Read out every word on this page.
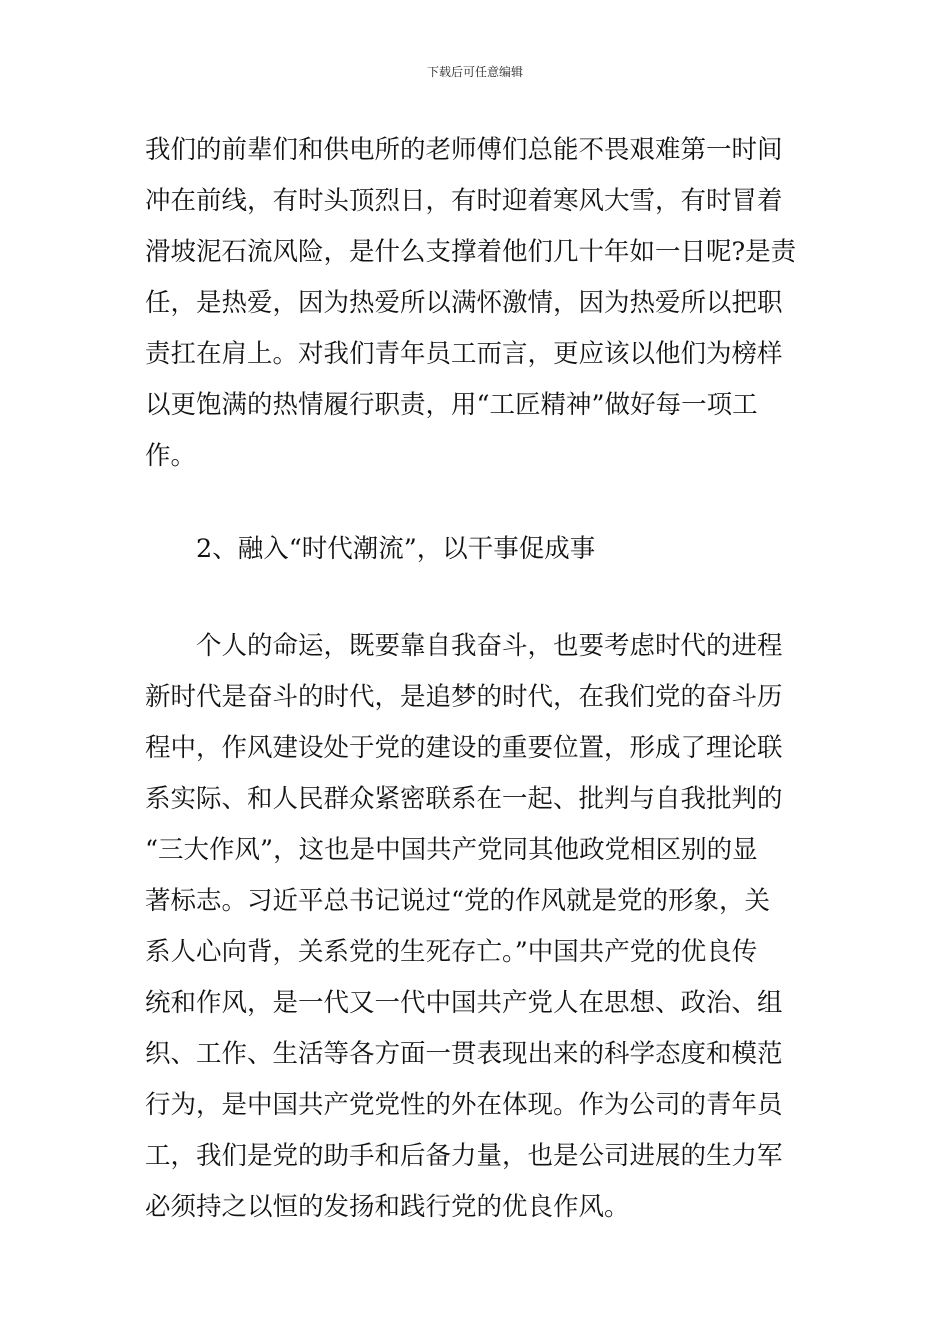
下载后可任意编辑
我们的前辈们和供电所的老师傅们总能不畏艰难第一时间
冲在前线，有时头顶烈日，有时迎着寒风大雪，有时冒着
滑坡泥石流风险，是什么支撑着他们几十年如一日呢?是责
任，是热爱，因为热爱所以满怀激情，因为热爱所以把职
责扛在肩上。对我们青年员工而言，更应该以他们为榜样
以更饱满的热情履行职责，用“工匠精神”做好每一项工
作。
2、融入“时代潮流”，以干事促成事
个人的命运，既要靠自我奋斗，也要考虑时代的进程
新时代是奋斗的时代，是追梦的时代，在我们党的奋斗历
程中，作风建设处于党的建设的重要位置，形成了理论联
系实际、和人民群众紧密联系在一起、批判与自我批判的
“三大作风”，这也是中国共产党同其他政党相区别的显
著标志。习近平总书记说过“党的作风就是党的形象，关
系人心向背，关系党的生死存亡。”中国共产党的优良传
统和作风，是一代又一代中国共产党人在思想、政治、组
织、工作、生活等各方面一贯表现出来的科学态度和模范
行为，是中国共产党党性的外在体现。作为公司的青年员
工，我们是党的助手和后备力量，也是公司进展的生力军
必须持之以恒的发扬和践行党的优良作风。
